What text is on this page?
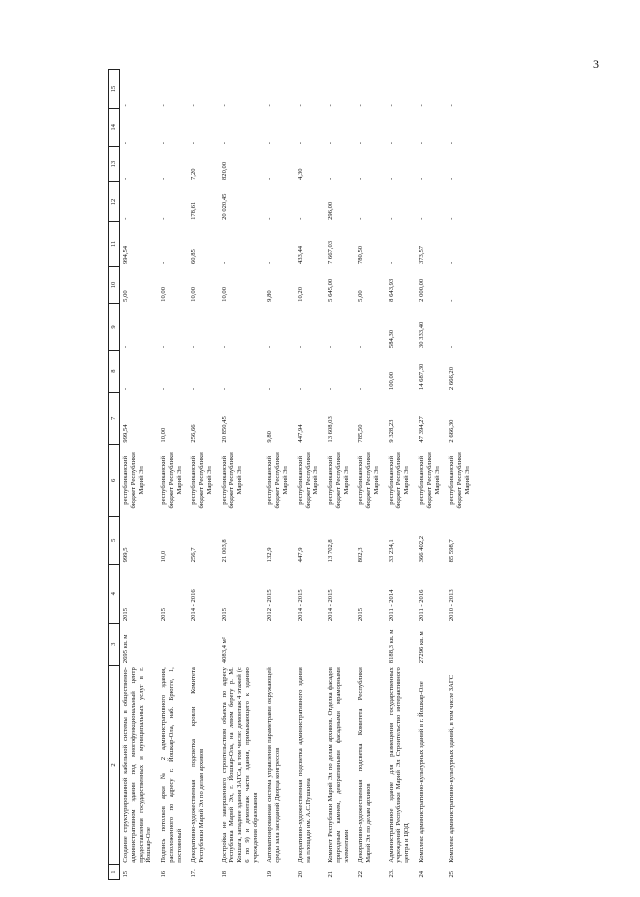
3
1	2	3	4	5	6	7	8	9	10	11	12	13	14	15
15	Создание структурированной кабельной системы в общественно-административном здании под многофункциональный центр предоставления государственных и муниципальных услуг в г. Йошкар-Оле	2695 кв. м	2015	999,5	республиканский бюджет Республики Марий Эл	999,54	-	-	5,00	994,54	-	-	-	-
16	Подпись потолков арки № 2 административного здания, расположенного по адресу г. Йошкар-Ола, наб. Брюгге, 1, постоянный		2015	10,0	республиканский бюджет Республики Марий Эл	10,00	-	-	10,00	-	-	-	-	-
17.	Декоративно-художественная подсветка кровли Комитета Республики Марий Эл по делам архивов		2014 - 2016	256,7	республиканский бюджет Республики Марий Эл	256,66	-	-	10,00	60,85	178,61	7,20	-	-
18	Достройка не завершенного строительством объекта по адресу Республика Марий Эл, г. Йошкар-Ола, на левом берегу р. М. Кокшага, западнее здания ЗАГСа, в том числе: демонтаж 4 этажей (с 6 по 9) и демонтаж части здания, примыкающего к зданию учреждения образования	4083,4 м²	2015	21 003,8	республиканский бюджет Республики Марий Эл	20 850,45	-	-	10,00	-	20 020,45	820,00	-	-
19	Автоматизированная система управления параметрами окружающей среды зала заседаний Дворца конгрессов		2012 - 2015	132,9	республиканский бюджет Республики Марий Эл	9,80	-	-	9,80	-	-	-	-	-
20	Декоративно-художественная подсветка административного здания на площади им. А.С.Пушкина		2014 - 2015	447,9	республиканский бюджет Республики Марий Эл	447,94	-	-	10,20	433,44	-	4,30	-	-
21	Комитет Республики Марий Эл по делам архивов. Отделка фасадов природным камнем, декоративными фасадными мраморными элементами		2014 - 2015	13 702,8	республиканский бюджет Республики Марий Эл	13 608,03	-	-	5 645,00	7 667,03	296,00	-	-	-
22	Декоративно-художественная подсветка Комитета Республики Марий Эл по делам архивов		2015	802,3	республиканский бюджет Республики Марий Эл	785,50	-	-	5,00	780,50	-	-	-	-
23.	Административное здание для размещения государственных учреждений Республики Марий Эл Строительство интерактивного центра и ЦОД	8188,3 кв. м	2011 - 2014	33 234,1	республиканский бюджет Республики Марий Эл	9 328,23	100,00	584,30	8 643,93	-	-	-	-	-
24	Комплекс административно-культурных зданий в г. Йошкар-Оле	27296 кв. м	2011 - 2016	366 402,2	республиканский бюджет Республики Марий Эл	47 394,27	14 687,30	30 333,40	2 000,00	373,57	-	-	-	-
25	Комплекс административно-культурных зданий, в том числе ЗАГС		2010 - 2013	85 598,7	республиканский бюджет Республики Марий Эл	2 666,30	2 666,20	-	-	-	-	-	-	-
